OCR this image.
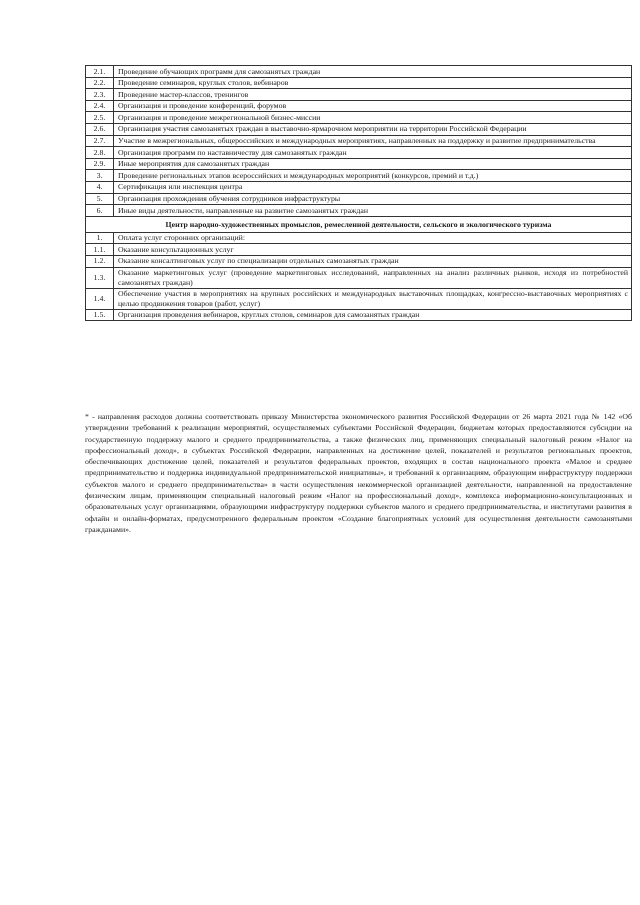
2.1.	Проведение обучающих программ для самозанятых граждан
2.2.	Проведение семинаров, круглых столов, вебинаров
2.3.	Проведение мастер-классов, тренингов
2.4.	Организация и проведение конференций, форумов
2.5.	Организация и проведение межрегиональной бизнес-миссии
2.6.	Организация участия самозанятых граждан в выставочно-ярмарочном мероприятии на территории Российской Федерации
2.7.	Участие в межрегиональных, общероссийских и международных мероприятиях, направленных на поддержку и развитие предпринимательства
2.8.	Организация программ по наставничеству для самозанятых граждан
2.9.	Иные мероприятия для самозанятых граждан
3.	Проведение региональных этапов всероссийских и международных мероприятий (конкурсов, премий и т.д.)
4.	Сертификация или инспекция центра
5.	Организация прохождения обучения сотрудников инфраструктуры
6.	Иные виды деятельности, направленные на развитие самозанятых граждан
Центр народно-художественных промыслов, ремесленной деятельности, сельского и экологического туризма	
1.	Оплата услуг сторонних организаций:
1.1.	Оказание консультационных услуг
1.2.	Оказание консалтинговых услуг по специализации отдельных самозанятых граждан
1.3.	Оказание маркетинговых услуг (проведение маркетинговых исследований, направленных на анализ различных рынков, исходя из потребностей самозанятых граждан)
1.4.	Обеспечение участия в мероприятиях на крупных российских и международных выставочных площадках, конгрессно-выставочных мероприятиях с целью продвижения товаров (работ, услуг)
1.5.	Организация проведения вебинаров, круглых столов, семинаров для самозанятых граждан

* - направления расходов должны соответствовать приказу Министерства экономического развития Российской Федерации от 26 марта 2021 года № 142 «Об утверждении требований к реализации мероприятий, осуществляемых субъектами Российской Федерации, бюджетам которых предоставляются субсидии на государственную поддержку малого и среднего предпринимательства, а также физических лиц, применяющих специальный налоговый режим «Налог на профессиональный доход», в субъектах Российской Федерации, направленных на достижение целей, показателей и результатов региональных проектов, обеспечивающих достижение целей, показателей и результатов федеральных проектов, входящих в состав национального проекта «Малое и среднее предпринимательство и поддержка индивидуальной предпринимательской инициативы», и требований к организациям, образующим инфраструктуру поддержки субъектов малого и среднего предпринимательства» в части осуществления некоммерческой организацией деятельности, направленной на предоставление физическим лицам, применяющим специальный налоговый режим «Налог на профессиональный доход», комплекса информационно-консультационных и образовательных услуг организациями, образующими инфраструктуру поддержки субъектов малого и среднего предпринимательства, и институтами развития в офлайн и онлайн-форматах, предусмотренного федеральным проектом «Создание благоприятных условий для осуществления деятельности самозанятыми гражданами».
